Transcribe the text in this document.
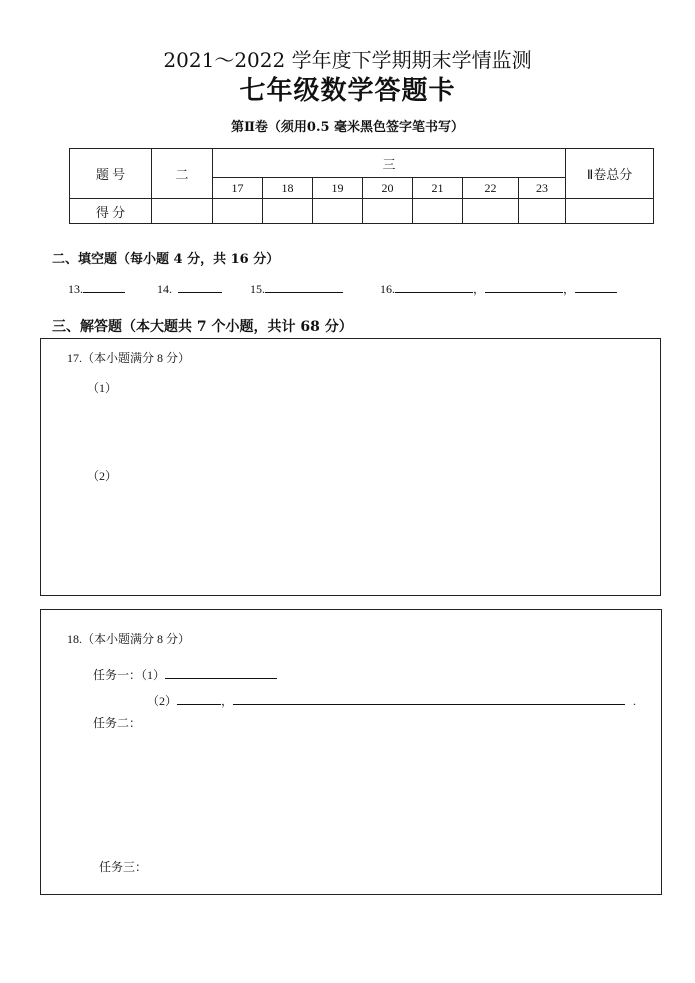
2021～2022 学年度下学期期末学情监测
七年级数学答题卡
第Ⅱ卷（须用0.5 毫米黑色签字笔书写）
题 号	二	三							Ⅱ卷总分
		17	18	19	20	21	22	23	
得 分									
二、填空题（每小题 4 分，共 16 分）
13.	14.	15.	16.	，	，
三、解答题（本大题共 7 个小题，共计 68 分）
17.（本小题满分 8 分）
（1）
（2）
18.（本小题满分 8 分）
任务一：（1）
（2）	，	.
任务二：
任务三：
